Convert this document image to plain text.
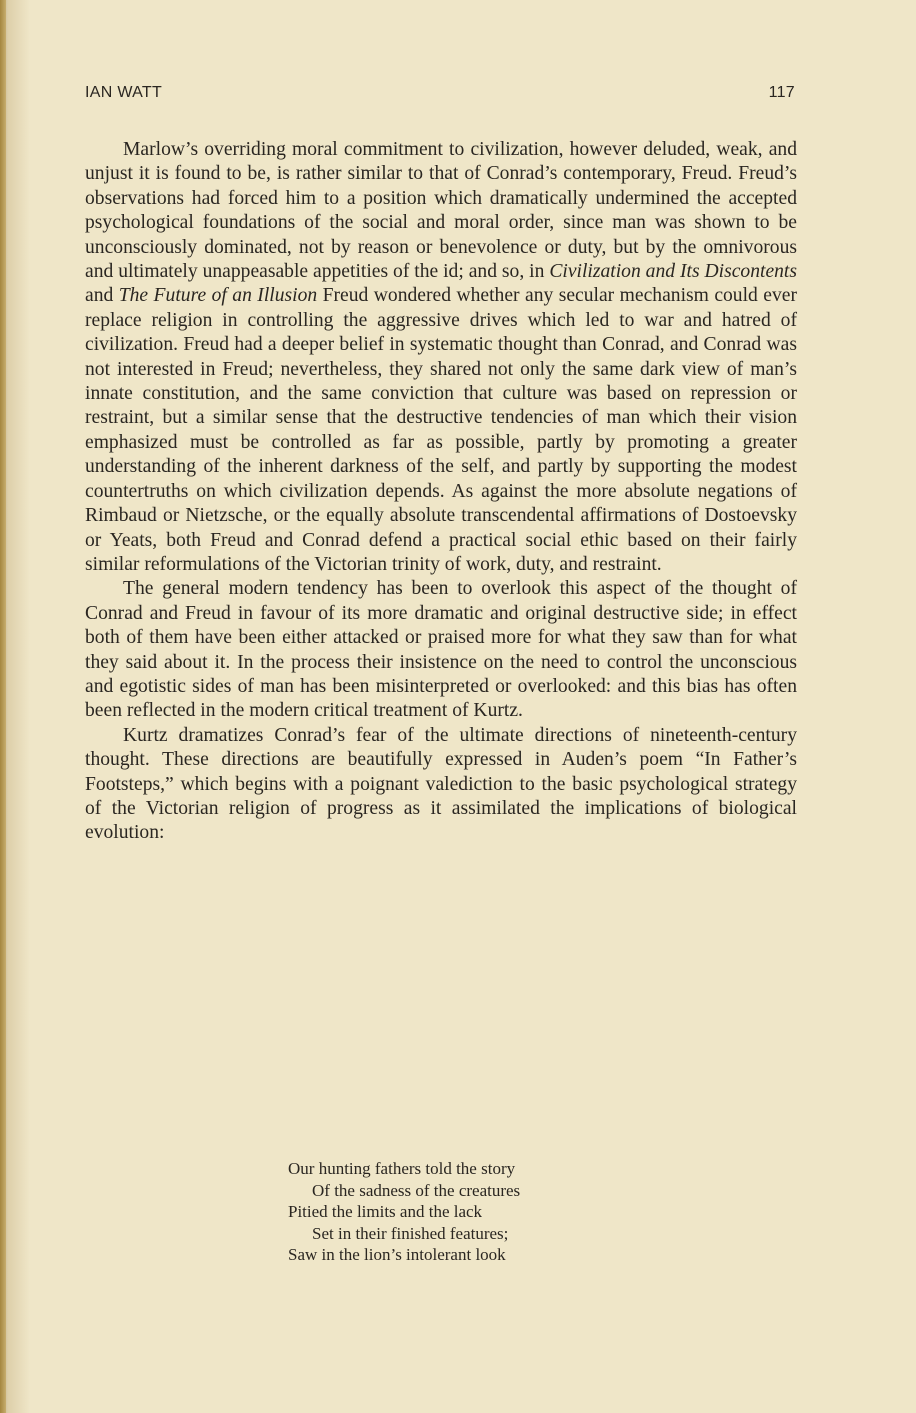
IAN WATT	117

Marlow’s overriding moral commitment to civilization, however deluded, weak, and unjust it is found to be, is rather similar to that of Conrad’s contemporary, Freud. Freud’s observations had forced him to a position which dramatically undermined the accepted psychological foundations of the social and moral order, since man was shown to be unconsciously dominated, not by reason or benevolence or duty, but by the omnivorous and ultimately unappeasable appetities of the id; and so, in Civilization and Its Discontents and The Future of an Illusion Freud wondered whether any secular mechanism could ever replace religion in controlling the aggressive drives which led to war and hatred of civilization. Freud had a deeper belief in systematic thought than Conrad, and Conrad was not interested in Freud; nevertheless, they shared not only the same dark view of man’s innate constitution, and the same conviction that culture was based on repression or restraint, but a similar sense that the destructive tendencies of man which their vision emphasized must be controlled as far as possible, partly by promoting a greater understanding of the inherent darkness of the self, and partly by supporting the modest countertruths on which civilization depends. As against the more absolute negations of Rimbaud or Nietzsche, or the equally absolute transcendental affirmations of Dostoevsky or Yeats, both Freud and Conrad defend a practical social ethic based on their fairly similar reformulations of the Victorian trinity of work, duty, and restraint.

The general modern tendency has been to overlook this aspect of the thought of Conrad and Freud in favour of its more dramatic and original destructive side; in effect both of them have been either attacked or praised more for what they saw than for what they said about it. In the process their insistence on the need to control the unconscious and egotistic sides of man has been misinterpreted or overlooked: and this bias has often been reflected in the modern critical treatment of Kurtz.

Kurtz dramatizes Conrad’s fear of the ultimate directions of nineteenth-century thought. These directions are beautifully expressed in Auden’s poem “In Father’s Footsteps,” which begins with a poignant valediction to the basic psychological strategy of the Victorian religion of progress as it assimilated the implications of biological evolution:

Our hunting fathers told the story
Of the sadness of the creatures
Pitied the limits and the lack
Set in their finished features;
Saw in the lion’s intolerant look
